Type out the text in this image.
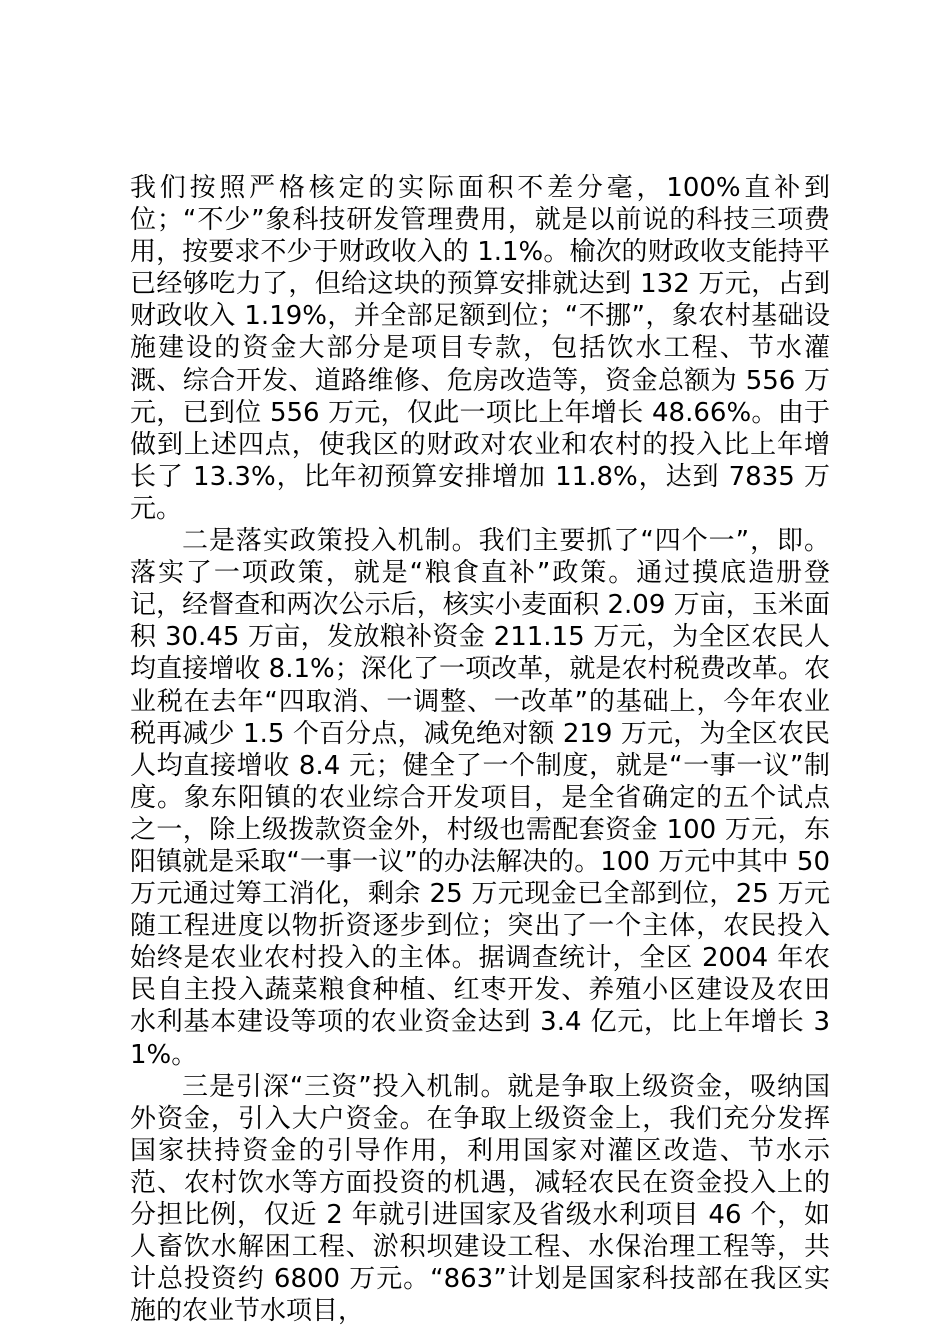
我们按照严格核定的实际面积不差分毫，100%直补到位；“不少”象科技研发管理费用，就是以前说的科技三项费用，按要求不少于财政收入的 1.1%。榆次的财政收支能持平已经够吃力了，但给这块的预算安排就达到 132 万元，占到财政收入 1.19%，并全部足额到位；“不挪”，象农村基础设施建设的资金大部分是项目专款，包括饮水工程、节水灌溉、综合开发、道路维修、危房改造等，资金总额为 556 万元，已到位 556 万元，仅此一项比上年增长 48.66%。由于做到上述四点，使我区的财政对农业和农村的投入比上年增长了 13.3%，比年初预算安排增加 11.8%，达到 7835 万元。

二是落实政策投入机制。我们主要抓了“四个一”，即。落实了一项政策，就是“粮食直补”政策。通过摸底造册登记，经督查和两次公示后，核实小麦面积 2.09 万亩，玉米面积 30.45 万亩，发放粮补资金 211.15 万元，为全区农民人均直接增收 8.1%；深化了一项改革，就是农村税费改革。农业税在去年“四取消、一调整、一改革”的基础上，今年农业税再减少 1.5 个百分点，减免绝对额 219 万元，为全区农民人均直接增收 8.4 元；健全了一个制度，就是“一事一议”制度。象东阳镇的农业综合开发项目，是全省确定的五个试点之一，除上级拨款资金外，村级也需配套资金 100 万元，东阳镇就是采取“一事一议”的办法解决的。100 万元中其中 50 万元通过筹工消化，剩余 25 万元现金已全部到位，25 万元随工程进度以物折资逐步到位；突出了一个主体，农民投入始终是农业农村投入的主体。据调查统计，全区 2004 年农民自主投入蔬菜粮食种植、红枣开发、养殖小区建设及农田水利基本建设等项的农业资金达到 3.4 亿元，比上年增长 31%。

三是引深“三资”投入机制。就是争取上级资金，吸纳国外资金，引入大户资金。在争取上级资金上，我们充分发挥国家扶持资金的引导作用，利用国家对灌区改造、节水示范、农村饮水等方面投资的机遇，减轻农民在资金投入上的分担比例，仅近 2 年就引进国家及省级水利项目 46 个，如人畜饮水解困工程、淤积坝建设工程、水保治理工程等，共计总投资约 6800 万元。“863”计划是国家科技部在我区实施的农业节水项目，
